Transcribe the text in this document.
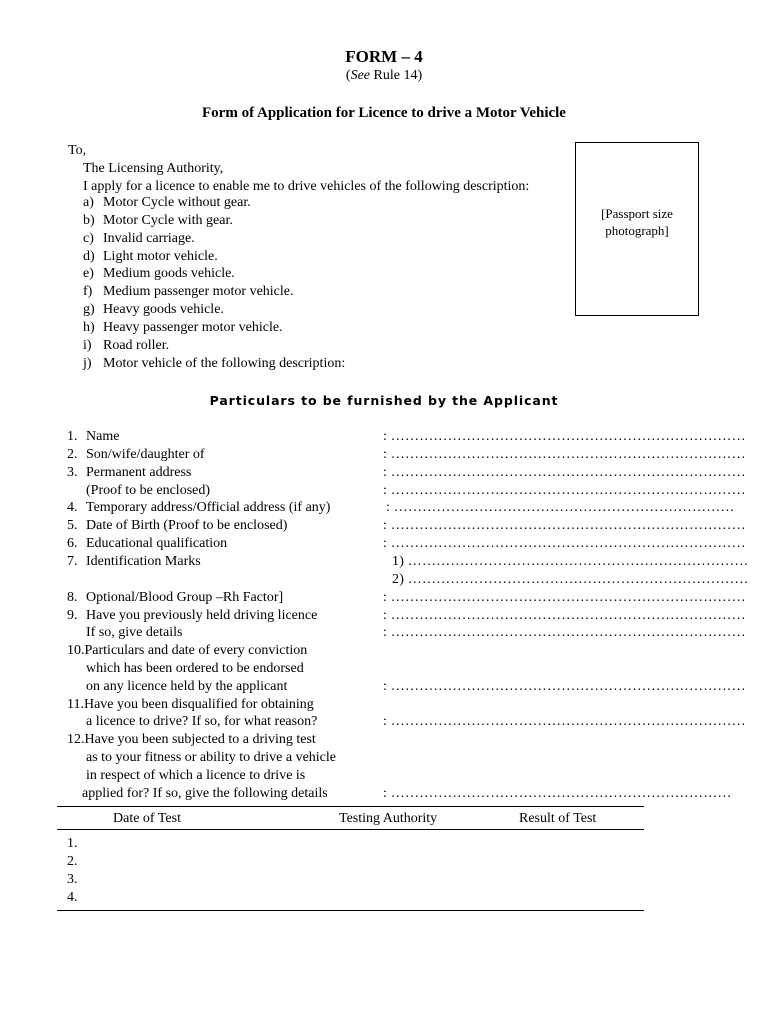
FORM – 4
(See Rule 14)
Form of Application for Licence to drive a Motor Vehicle
To,
The Licensing Authority,
I apply for a licence to enable me to drive vehicles of the following description:
a) Motor Cycle without gear.
b) Motor Cycle with gear.
c) Invalid carriage.
d) Light motor vehicle.
e) Medium goods vehicle.
f) Medium passenger motor vehicle.
g) Heavy goods vehicle.
h) Heavy passenger motor vehicle.
i) Road roller.
j) Motor vehicle of the following description:
[Passport size
photograph]
Particulars to be furnished by the Applicant
1. Name	: …………………………………………………………………
2. Son/wife/daughter of	: …………………………………………………………………
3. Permanent address	: …………………………………………………………………
(Proof to be enclosed)	: …………………………………………………………………
4. Temporary address/Official address (if any)	: ………………………………………………………………
5. Date of Birth (Proof to be enclosed)	: …………………………………………………………………
6. Educational qualification	: …………………………………………………………………
7. Identification Marks	1) ………………………………………………………………
2) ………………………………………………………………
8. Optional/Blood Group –Rh Factor]	: …………………………………………………………………
9. Have you previously held driving licence	: …………………………………………………………………
If so, give details	: …………………………………………………………………
10.Particulars and date of every conviction
which has been ordered to be endorsed
on any licence held by the applicant	: …………………………………………………………………
11.Have you been disqualified for obtaining
a licence to drive? If so, for what reason?	: …………………………………………………………………
12.Have you been subjected to a driving test
as to your fitness or ability to drive a vehicle
in respect of which a licence to drive is
applied for? If so, give the following details	: ………………………………………………………………
Date of Test	Testing Authority	Result of Test
1.
2.
3.
4.
